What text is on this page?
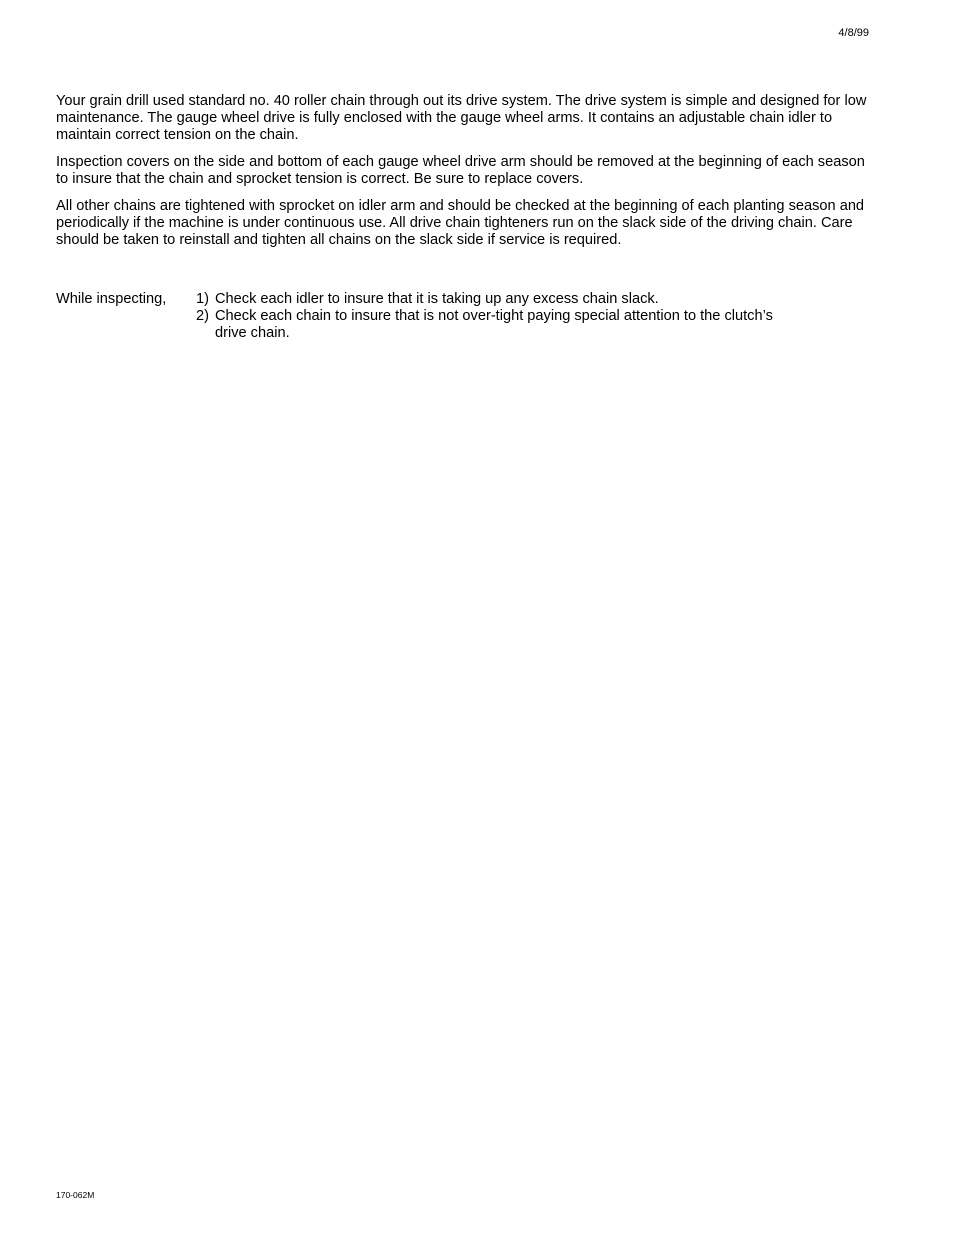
4/8/99

Your grain drill used standard no. 40 roller chain through out its drive system. The drive system is simple and designed for low maintenance. The gauge wheel drive is fully enclosed with the gauge wheel arms. It contains an adjustable chain idler to maintain correct tension on the chain.

Inspection covers on the side and bottom of each gauge wheel drive arm should be removed at the beginning of each season to insure that the chain and sprocket tension is correct. Be sure to replace covers.

All other chains are tightened with sprocket on idler arm and should be checked at the beginning of each planting season and periodically if the machine is under continuous use. All drive chain tighteners run on the slack side of the driving chain. Care should be taken to reinstall and tighten all chains on the slack side if service is required.

While inspecting, 1) Check each idler to insure that it is taking up any excess chain slack.
2) Check each chain to insure that is not over-tight paying special attention to the clutch’s drive chain.
170-062M
